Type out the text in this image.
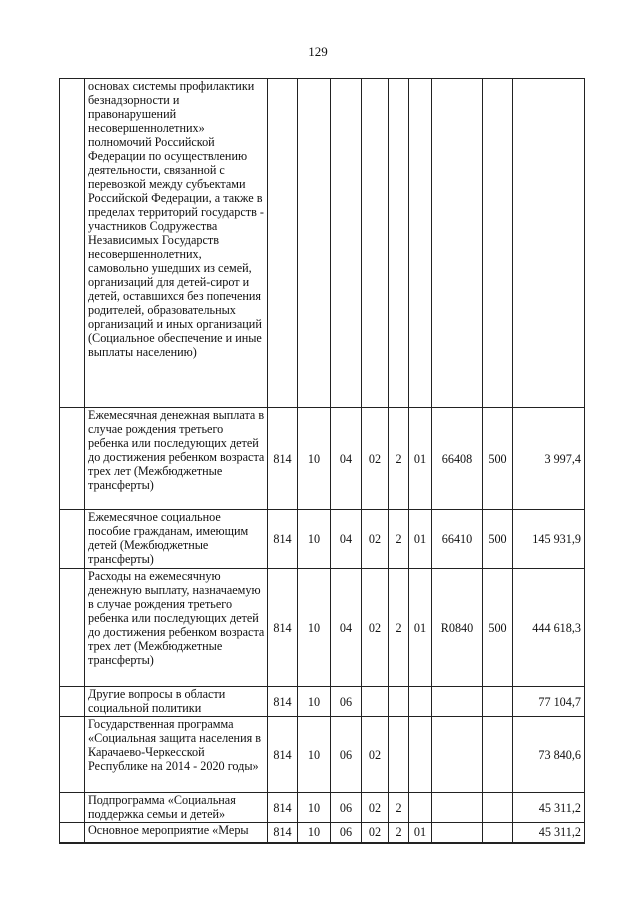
129
	основах системы профилактики безнадзорности и правонарушений несовершеннолетних» полномочий Российской Федерации по осуществлению деятельности, связанной с перевозкой между субъектами Российской Федерации, а также в пределах территорий государств - участников Содружества Независимых Государств несовершеннолетних, самовольно ушедших из семей, организаций для детей-сирот и детей, оставшихся без попечения родителей, образовательных организаций и иных организаций (Социальное обеспечение и иные выплаты населению)									
	Ежемесячная денежная выплата в случае рождения третьего ребенка или последующих детей до достижения ребенком возраста трех лет (Межбюджетные трансферты)	814	10	04	02	2	01	66408	500	3 997,4
	Ежемесячное социальное пособие гражданам, имеющим детей (Межбюджетные трансферты)	814	10	04	02	2	01	66410	500	145 931,9
	Расходы на ежемесячную денежную выплату, назначаемую в случае рождения третьего ребенка или последующих детей до достижения ребенком возраста трех лет (Межбюджетные трансферты)	814	10	04	02	2	01	R0840	500	444 618,3
	Другие вопросы в области социальной политики	814	10	06						77 104,7
	Государственная программа «Социальная защита населения в Карачаево-Черкесской Республике на 2014 - 2020 годы»	814	10	06	02					73 840,6
	Подпрограмма «Социальная поддержка семьи и детей»	814	10	06	02	2				45 311,2
	Основное мероприятие «Меры	814	10	06	02	2	01			45 311,2
